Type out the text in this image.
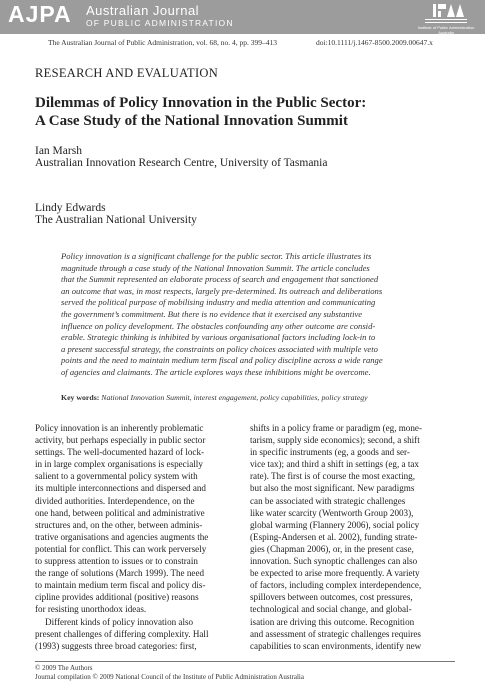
AJPA Australian Journal
OF PUBLIC ADMINISTRATION	Institute of Public Administration Australia
The Australian Journal of Public Administration, vol. 68, no. 4, pp. 399–413	doi:10.1111/j.1467-8500.2009.00647.x
RESEARCH AND EVALUATION
Dilemmas of Policy Innovation in the Public Sector:
A Case Study of the National Innovation Summit
Ian Marsh
Australian Innovation Research Centre, University of Tasmania
Lindy Edwards
The Australian National University
Policy innovation is a significant challenge for the public sector. This article illustrates its
magnitude through a case study of the National Innovation Summit. The article concludes
that the Summit represented an elaborate process of search and engagement that sanctioned
an outcome that was, in most respects, largely pre-determined. Its outreach and deliberations
served the political purpose of mobilising industry and media attention and communicating
the government’s commitment. But there is no evidence that it exercised any substantive
influence on policy development. The obstacles confounding any other outcome are consid-
erable. Strategic thinking is inhibited by various organisational factors including lock-in to
a present successful strategy, the constraints on policy choices associated with multiple veto
points and the need to maintain medium term fiscal and policy discipline across a wide range
of agencies and claimants. The article explores ways these inhibitions might be overcome.
Key words: National Innovation Summit, interest engagement, policy capabilities, policy strategy
Policy innovation is an inherently problematic
activity, but perhaps especially in public sector
settings. The well-documented hazard of lock-
in in large complex organisations is especially
salient to a governmental policy system with
its multiple interconnections and dispersed and
divided authorities. Interdependence, on the
one hand, between political and administrative
structures and, on the other, between adminis-
trative organisations and agencies augments the
potential for conflict. This can work perversely
to suppress attention to issues or to constrain
the range of solutions (March 1999). The need
to maintain medium term fiscal and policy dis-
cipline provides additional (positive) reasons
for resisting unorthodox ideas.
Different kinds of policy innovation also
present challenges of differing complexity. Hall
(1993) suggests three broad categories: first,
shifts in a policy frame or paradigm (eg, mone-
tarism, supply side economics); second, a shift
in specific instruments (eg, a goods and ser-
vice tax); and third a shift in settings (eg, a tax
rate). The first is of course the most exacting,
but also the most significant. New paradigms
can be associated with strategic challenges
like water scarcity (Wentworth Group 2003),
global warming (Flannery 2006), social policy
(Esping-Andersen et al. 2002), funding strate-
gies (Chapman 2006), or, in the present case,
innovation. Such synoptic challenges can also
be expected to arise more frequently. A variety
of factors, including complex interdependence,
spillovers between outcomes, cost pressures,
technological and social change, and global-
isation are driving this outcome. Recognition
and assessment of strategic challenges requires
capabilities to scan environments, identify new
© 2009 The Authors
Journal compilation © 2009 National Council of the Institute of Public Administration Australia
